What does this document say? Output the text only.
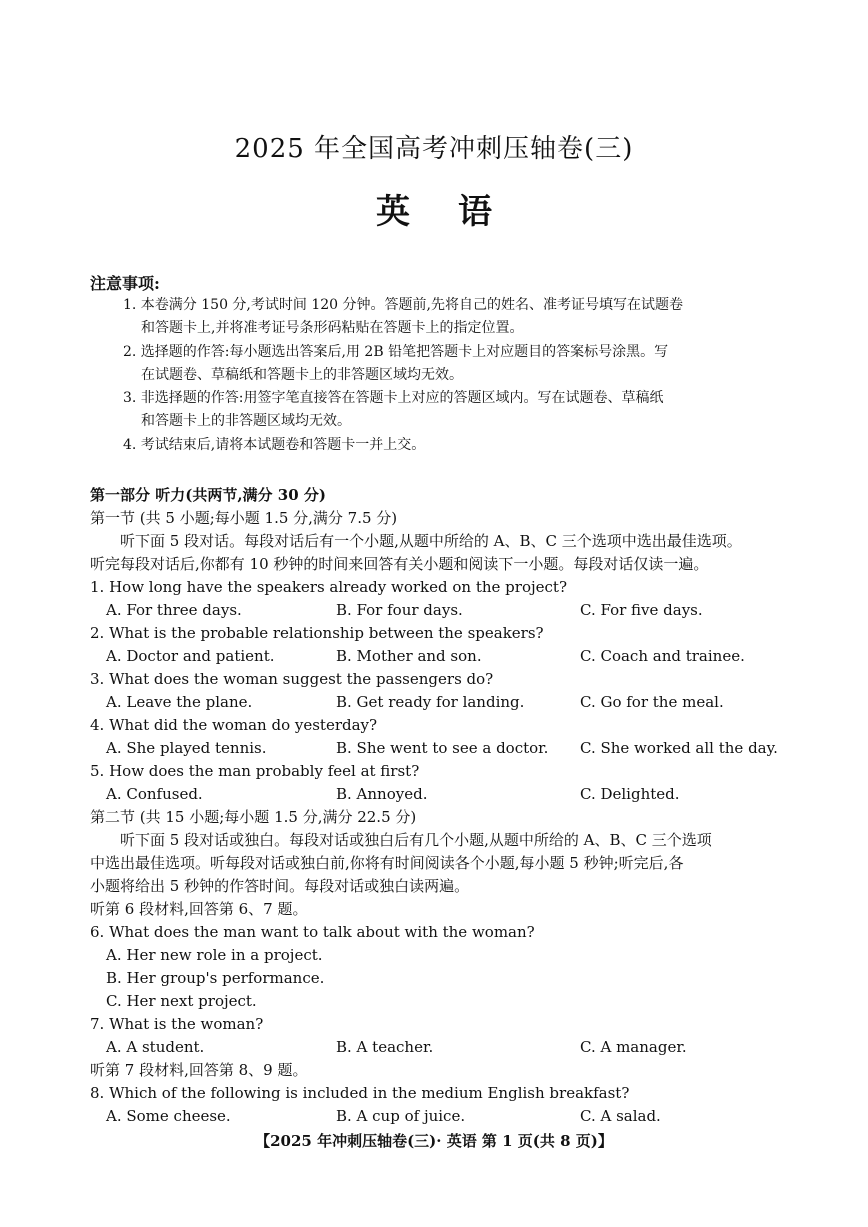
2025 年全国高考冲刺压轴卷(三)
英语
注意事项:
1. 本卷满分 150 分,考试时间 120 分钟。答题前,先将自己的姓名、准考证号填写在试题卷
和答题卡上,并将准考证号条形码粘贴在答题卡上的指定位置。
2. 选择题的作答:每小题选出答案后,用 2B 铅笔把答题卡上对应题目的答案标号涂黑。写
在试题卷、草稿纸和答题卡上的非答题区域均无效。
3. 非选择题的作答:用签字笔直接答在答题卡上对应的答题区域内。写在试题卷、草稿纸
和答题卡上的非答题区域均无效。
4. 考试结束后,请将本试题卷和答题卡一并上交。
第一部分 听力(共两节,满分 30 分)
第一节 (共 5 小题;每小题 1.5 分,满分 7.5 分)
听下面 5 段对话。每段对话后有一个小题,从题中所给的 A、B、C 三个选项中选出最佳选项。
听完每段对话后,你都有 10 秒钟的时间来回答有关小题和阅读下一小题。每段对话仅读一遍。
1. How long have the speakers already worked on the project?
A. For three days.	B. For four days.	C. For five days.
2. What is the probable relationship between the speakers?
A. Doctor and patient.	B. Mother and son.	C. Coach and trainee.
3. What does the woman suggest the passengers do?
A. Leave the plane.	B. Get ready for landing.	C. Go for the meal.
4. What did the woman do yesterday?
A. She played tennis.	B. She went to see a doctor. C. She worked all the day.
5. How does the man probably feel at first?
A. Confused.	B. Annoyed.	C. Delighted.
第二节 (共 15 小题;每小题 1.5 分,满分 22.5 分)
听下面 5 段对话或独白。每段对话或独白后有几个小题,从题中所给的 A、B、C 三个选项
中选出最佳选项。听每段对话或独白前,你将有时间阅读各个小题,每小题 5 秒钟;听完后,各
小题将给出 5 秒钟的作答时间。每段对话或独白读两遍。
听第 6 段材料,回答第 6、7 题。
6. What does the man want to talk about with the woman?
A. Her new role in a project.
B. Her group's performance.
C. Her next project.
7. What is the woman?
A. A student.	B. A teacher.	C. A manager.
听第 7 段材料,回答第 8、9 题。
8. Which of the following is included in the medium English breakfast?
A. Some cheese.	B. A cup of juice.	C. A salad.
【2025 年冲刺压轴卷(三)· 英语 第 1 页(共 8 页)】
